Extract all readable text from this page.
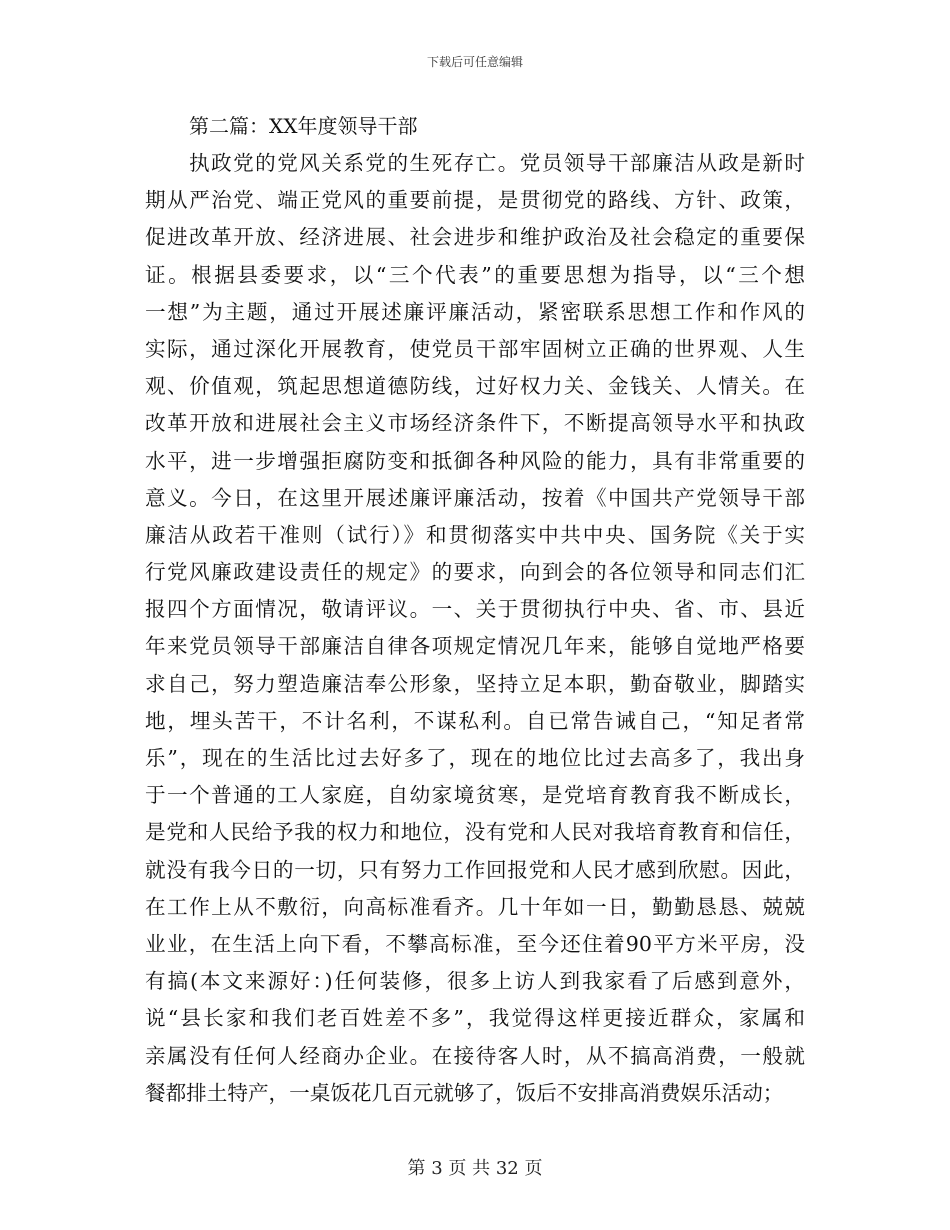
下载后可任意编辑
第二篇：XX年度领导干部
执政党的党风关系党的生死存亡。党员领导干部廉洁从政是新时
期从严治党、端正党风的重要前提，是贯彻党的路线、方针、政策，
促进改革开放、经济进展、社会进步和维护政治及社会稳定的重要保
证。根据县委要求，以“三个代表”的重要思想为指导，以“三个想
一想”为主题，通过开展述廉评廉活动，紧密联系思想工作和作风的
实际，通过深化开展教育，使党员干部牢固树立正确的世界观、人生
观、价值观，筑起思想道德防线，过好权力关、金钱关、人情关。在
改革开放和进展社会主义市场经济条件下，不断提高领导水平和执政
水平，进一步增强拒腐防变和抵御各种风险的能力，具有非常重要的
意义。今日，在这里开展述廉评廉活动，按着《中国共产党领导干部
廉洁从政若干准则（试行）》和贯彻落实中共中央、国务院《关于实
行党风廉政建设责任的规定》的要求，向到会的各位领导和同志们汇
报四个方面情况，敬请评议。一、关于贯彻执行中央、省、市、县近
年来党员领导干部廉洁自律各项规定情况几年来，能够自觉地严格要
求自己，努力塑造廉洁奉公形象，坚持立足本职，勤奋敬业，脚踏实
地，埋头苦干，不计名利，不谋私利。自已常告诫自己，“知足者常
乐”，现在的生活比过去好多了，现在的地位比过去高多了，我出身
于一个普通的工人家庭，自幼家境贫寒，是党培育教育我不断成长，
是党和人民给予我的权力和地位，没有党和人民对我培育教育和信任，
就没有我今日的一切，只有努力工作回报党和人民才感到欣慰。因此，
在工作上从不敷衍，向高标准看齐。几十年如一日，勤勤恳恳、兢兢
业业，在生活上向下看，不攀高标准，至今还住着90平方米平房，没
有搞(本文来源好：)任何装修，很多上访人到我家看了后感到意外，
说“县长家和我们老百姓差不多”，我觉得这样更接近群众，家属和
亲属没有任何人经商办企业。在接待客人时，从不搞高消费，一般就
餐都排土特产，一桌饭花几百元就够了，饭后不安排高消费娱乐活动；
第 3 页 共 32 页
